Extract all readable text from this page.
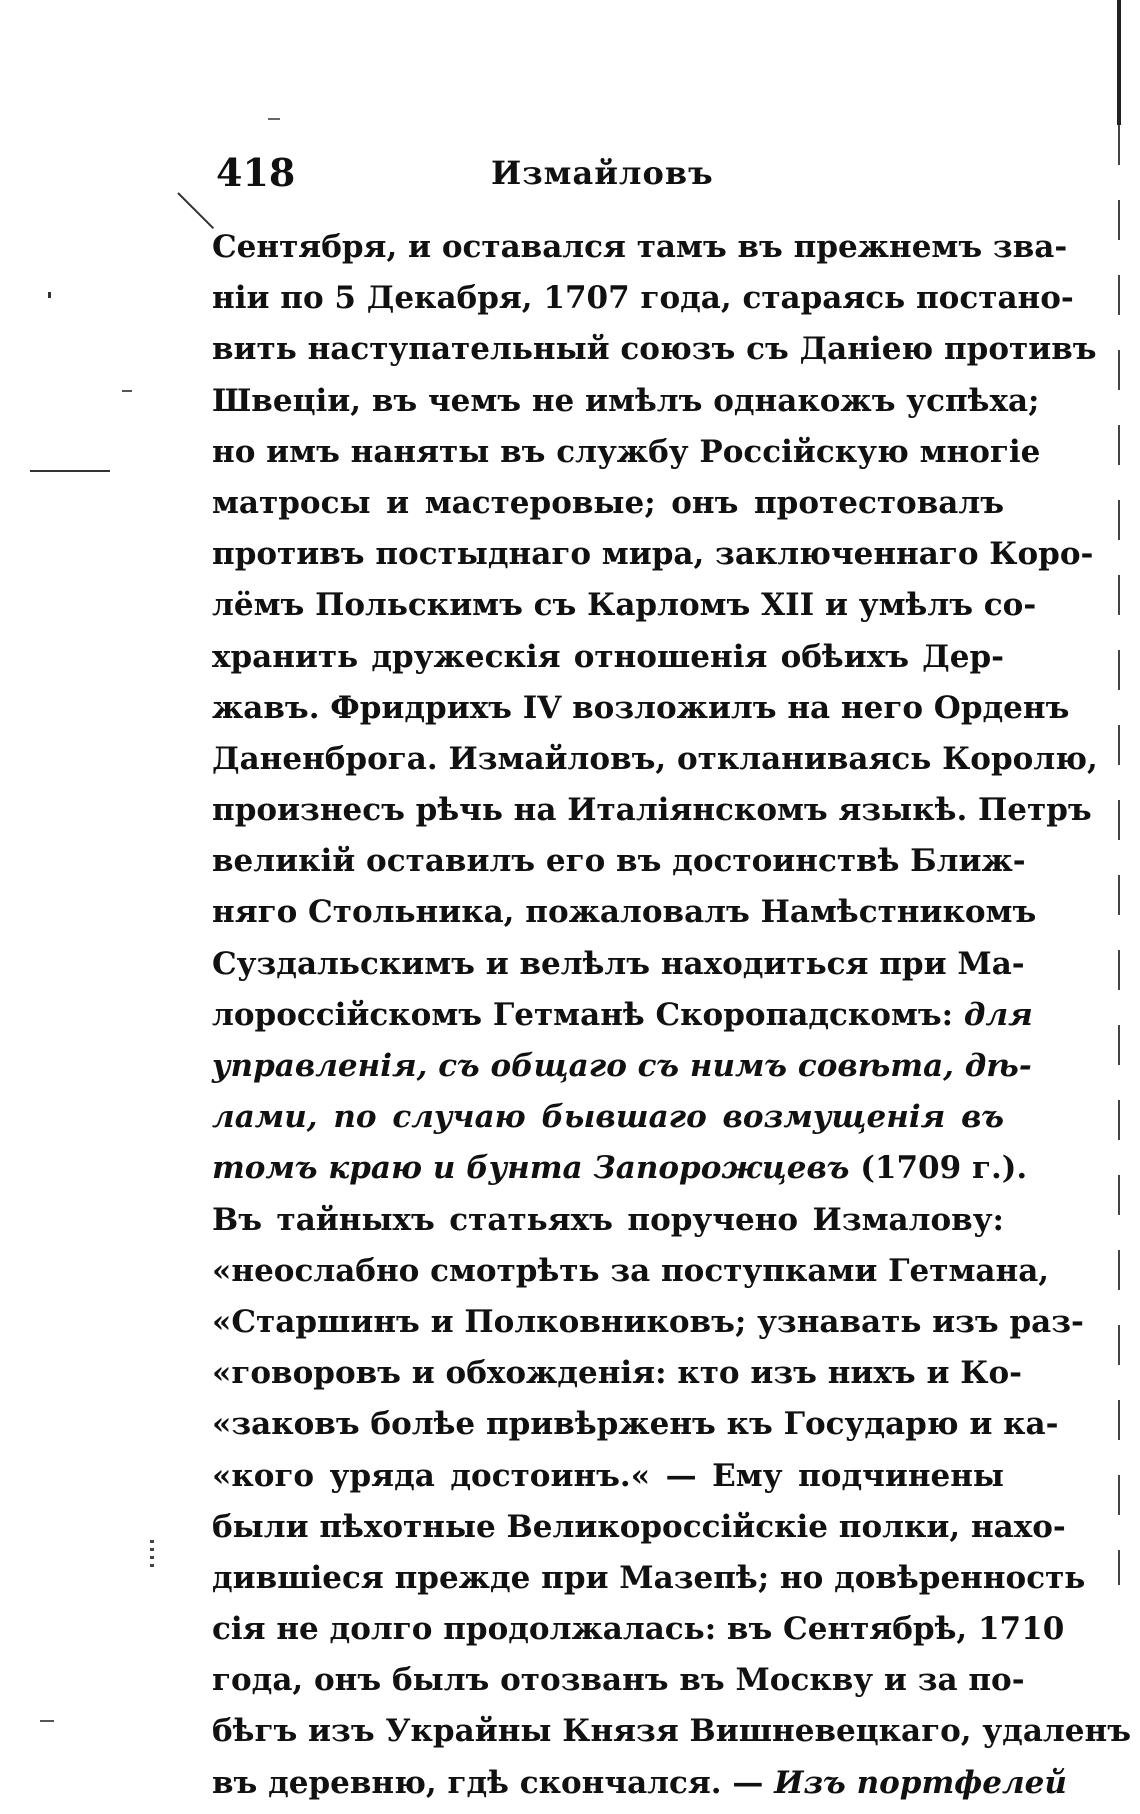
418	Измайловъ
Сентября, и оставался тамъ въ прежнемъ зва-
ніи по 5 Декабря, 1707 года, стараясь постано-
вить наступательный союзъ съ Даніею противъ
Швеціи, въ чемъ не имѣлъ однакожъ успѣха;
но имъ наняты въ службу Россійскую многіе
матросы и мастеровые; онъ протестовалъ
противъ постыднаго мира, заключеннаго Коро-
лёмъ Польскимъ съ Карломъ XII и умѣлъ со-
хранить дружескія отношенія обѣихъ Дер-
жавъ. Фридрихъ IV возложилъ на него Орденъ
Даненброга. Измайловъ, откланиваясь Королю,
произнесъ рѣчь на Италіянскомъ языкѣ. Петръ
великій оставилъ его въ достоинствѣ Ближ-
няго Стольника, пожаловалъ Намѣстникомъ
Суздальскимъ и велѣлъ находиться при Ма-
лороссійскомъ Гетманѣ Скоропадскомъ: для
управленія, съ общаго съ нимъ совѣта, дѣ-
лами, по случаю бывшаго возмущенія въ
томъ краю и бунта Запорожцевъ (1709 г.).
Въ тайныхъ статьяхъ поручено Измалову:
«неослабно смотрѣть за поступками Гетмана,
«Старшинъ и Полковниковъ; узнавать изъ раз-
«говоровъ и обхожденія: кто изъ нихъ и Ко-
«заковъ болѣе привѣрженъ къ Государю и ка-
«кого уряда достоинъ.« — Ему подчинены
были пѣхотные Великороссійскіе полки, нахо-
дившіеся прежде при Мазепѣ; но довѣренность
сія не долго продолжалась: въ Сентябрѣ, 1710
года, онъ былъ отозванъ въ Москву и за по-
бѣгъ изъ Украйны Князя Вишневецкаго, удаленъ
въ деревню, гдѣ скончался. — Изъ портфелей
